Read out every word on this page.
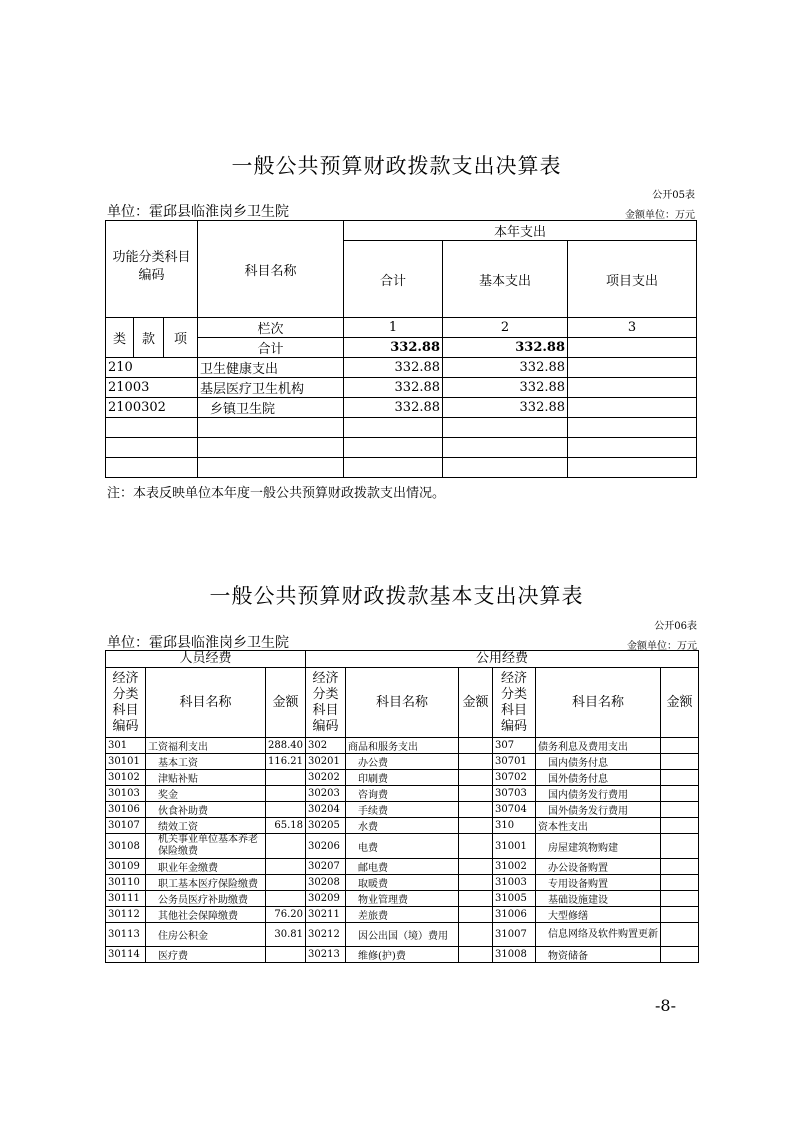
一般公共预算财政拨款支出决算表
公开05表
单位：霍邱县临淮岗乡卫生院	金额单位：万元
功能分类科目编码			科目名称	本年支出		
				合计	基本支出	项目支出

类	款	项	栏次	1	2	3
			合计	332.88	332.88	
210			卫生健康支出	332.88	332.88	
21003			基层医疗卫生机构	332.88	332.88	
2100302			乡镇卫生院	332.88	332.88	

注：本表反映单位本年度一般公共预算财政拨款支出情况。
一般公共预算财政拨款基本支出决算表
公开06表
单位：霍邱县临淮岗乡卫生院	金额单位：万元
人员经费			公用经费					
经济分类科目编码	科目名称	金额	经济分类科目编码	科目名称	金额	经济分类科目编码	科目名称	金额
301	工资福利支出	288.40	302	商品和服务支出		307	债务利息及费用支出	
30101	基本工资	116.21	30201	办公费		30701	国内债务付息	
30102	津贴补贴		30202	印刷费		30702	国外债务付息	
30103	奖金		30203	咨询费		30703	国内债务发行费用	
30106	伙食补助费		30204	手续费		30704	国外债务发行费用	
30107	绩效工资	65.18	30205	水费		310	资本性支出	
30108	机关事业单位基本养老保险缴费		30206	电费		31001	房屋建筑物购建	
30109	职业年金缴费		30207	邮电费		31002	办公设备购置	
30110	职工基本医疗保险缴费		30208	取暖费		31003	专用设备购置	
30111	公务员医疗补助缴费		30209	物业管理费		31005	基础设施建设	
30112	其他社会保障缴费	76.20	30211	差旅费		31006	大型修缮	
30113	住房公积金	30.81	30212	因公出国（境）费用		31007	信息网络及软件购置更新	
30114	医疗费		30213	维修(护)费		31008	物资储备	
-8-
